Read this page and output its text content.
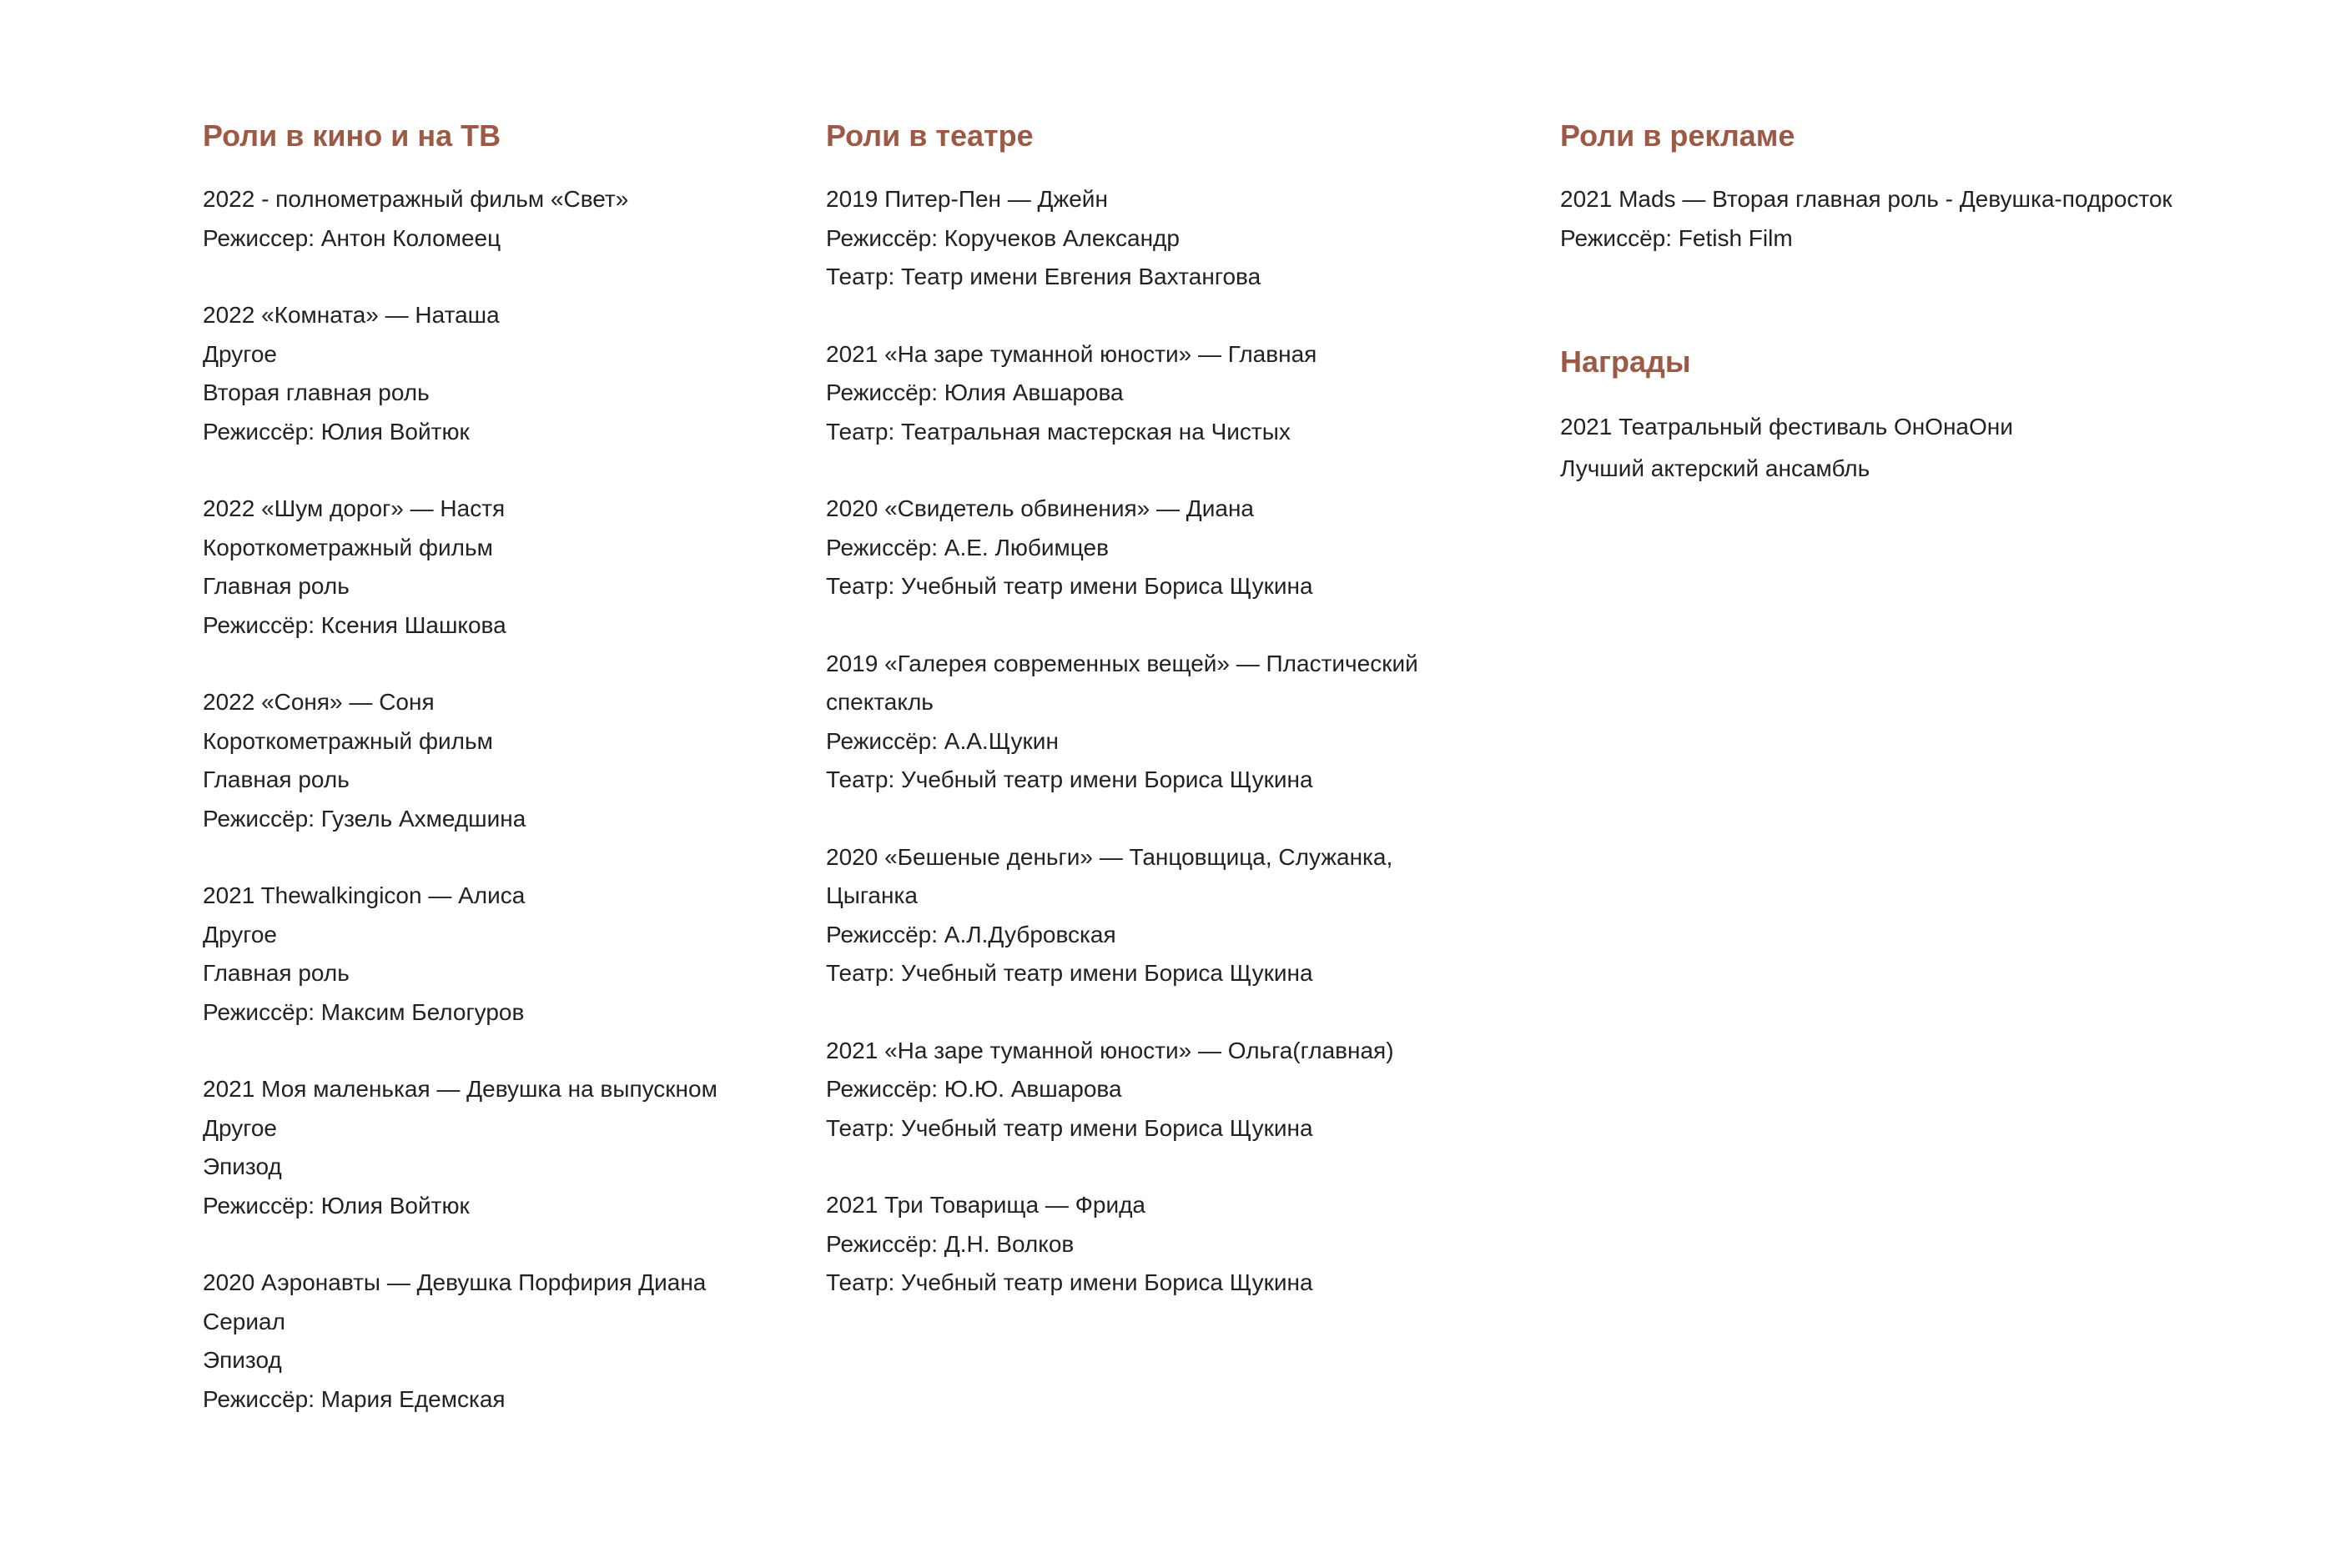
Роли в кино и на ТВ
2022 - полнометражный фильм «Свет»
Режиссер: Антон Коломеец
2022 «Комната» — Наташа
Другое
Вторая главная роль
Режиссёр: Юлия Войтюк
2022 «Шум дорог» — Настя
Короткометражный фильм
Главная роль
Режиссёр: Ксения Шашкова
2022 «Соня» — Соня
Короткометражный фильм
Главная роль
Режиссёр: Гузель Ахмедшина
2021 Thewalkingicon — Алиса
Другое
Главная роль
Режиссёр: Максим Белогуров
2021 Моя маленькая — Девушка на выпускном
Другое
Эпизод
Режиссёр: Юлия Войтюк
2020 Аэронавты — Девушка Порфирия Диана
Сериал
Эпизод
Режиссёр: Мария Едемская
Роли в театре
2019 Питер-Пен — Джейн
Режиссёр: Коручеков Александр
Театр: Театр имени Евгения Вахтангова
2021 «На заре туманной юности» — Главная
Режиссёр: Юлия Авшарова
Театр: Театральная мастерская на Чистых
2020 «Свидетель обвинения» — Диана
Режиссёр: А.Е. Любимцев
Театр: Учебный театр имени Бориса Щукина
2019 «Галерея современных вещей» — Пластический спектакль
Режиссёр: А.А.Щукин
Театр: Учебный театр имени Бориса Щукина
2020 «Бешеные деньги» — Танцовщица, Служанка, Цыганка
Режиссёр: А.Л.Дубровская
Театр: Учебный театр имени Бориса Щукина
2021 «На заре туманной юности» — Ольга(главная)
Режиссёр: Ю.Ю. Авшарова
Театр: Учебный театр имени Бориса Щукина
2021 Три Товарища — Фрида
Режиссёр: Д.Н. Волков
Театр: Учебный театр имени Бориса Щукина
Роли в рекламе
2021 Mads — Вторая главная роль - Девушка-подросток
Режиссёр: Fetish Film
Награды
2021 Театральный фестиваль ОнОнаОни
Лучший актерский ансамбль
